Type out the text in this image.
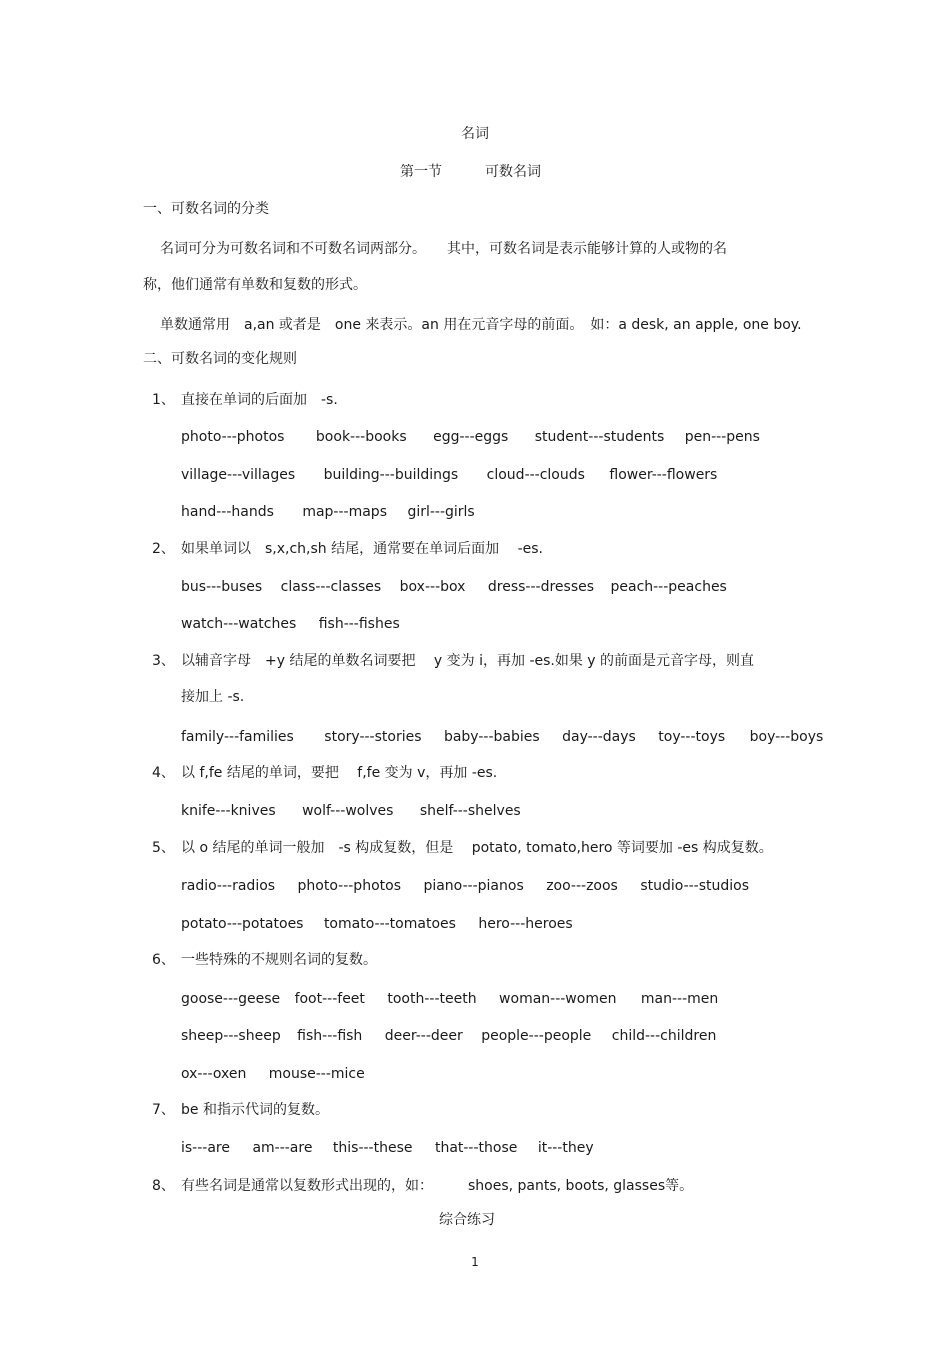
名词
第一节	可数名词
一、可数名词的分类
名词可分为可数名词和不可数名词两部分。　　其中，可数名词是表示能够计算的人或物的名
称，他们通常有单数和复数的形式。
单数通常用　a,an 或者是　one 来表示。an 用在元音字母的前面。　如：a desk, an apple, one boy.
二、可数名词的变化规则
1、 直接在单词的后面加　-s.
photo---photos book---books egg---eggs student---students pen---pens
village---villages building---buildings cloud---clouds flower---flowers
hand---hands map---maps girl---girls
2、 如果单词以　s,x,ch,sh 结尾，通常要在单词后面加　 -es.
bus---buses class---classes box---box dress---dresses peach---peaches
watch---watches fish---fishes
3、 以辅音字母　+y 结尾的单数名词要把　 y 变为 i，再加 -es.如果 y 的前面是元音字母，则直
接加上 -s.
family---families story---stories baby---babies day---days toy---toys boy---boys
4、 以 f,fe 结尾的单词，要把　 f,fe 变为 v，再加 -es.
knife---knives wolf---wolves shelf---shelves
5、 以 o 结尾的单词一般加　-s 构成复数，但是　 potato, tomato,hero 等词要加 -es 构成复数。
radio---radios photo---photos piano---pianos zoo---zoos studio---studios
potato---potatoes tomato---tomatoes hero---heroes
6、 一些特殊的不规则名词的复数。
goose---geese foot---feet tooth---teeth woman---women man---men
sheep---sheep fish---fish deer---deer people---people child---children
ox---oxen mouse---mice
7、 be 和指示代词的复数。
is---are am---are this---these that---those it---they
8、 有些名词是通常以复数形式出现的，如：　　　shoes, pants, boots, glasses等。
综合练习
1
